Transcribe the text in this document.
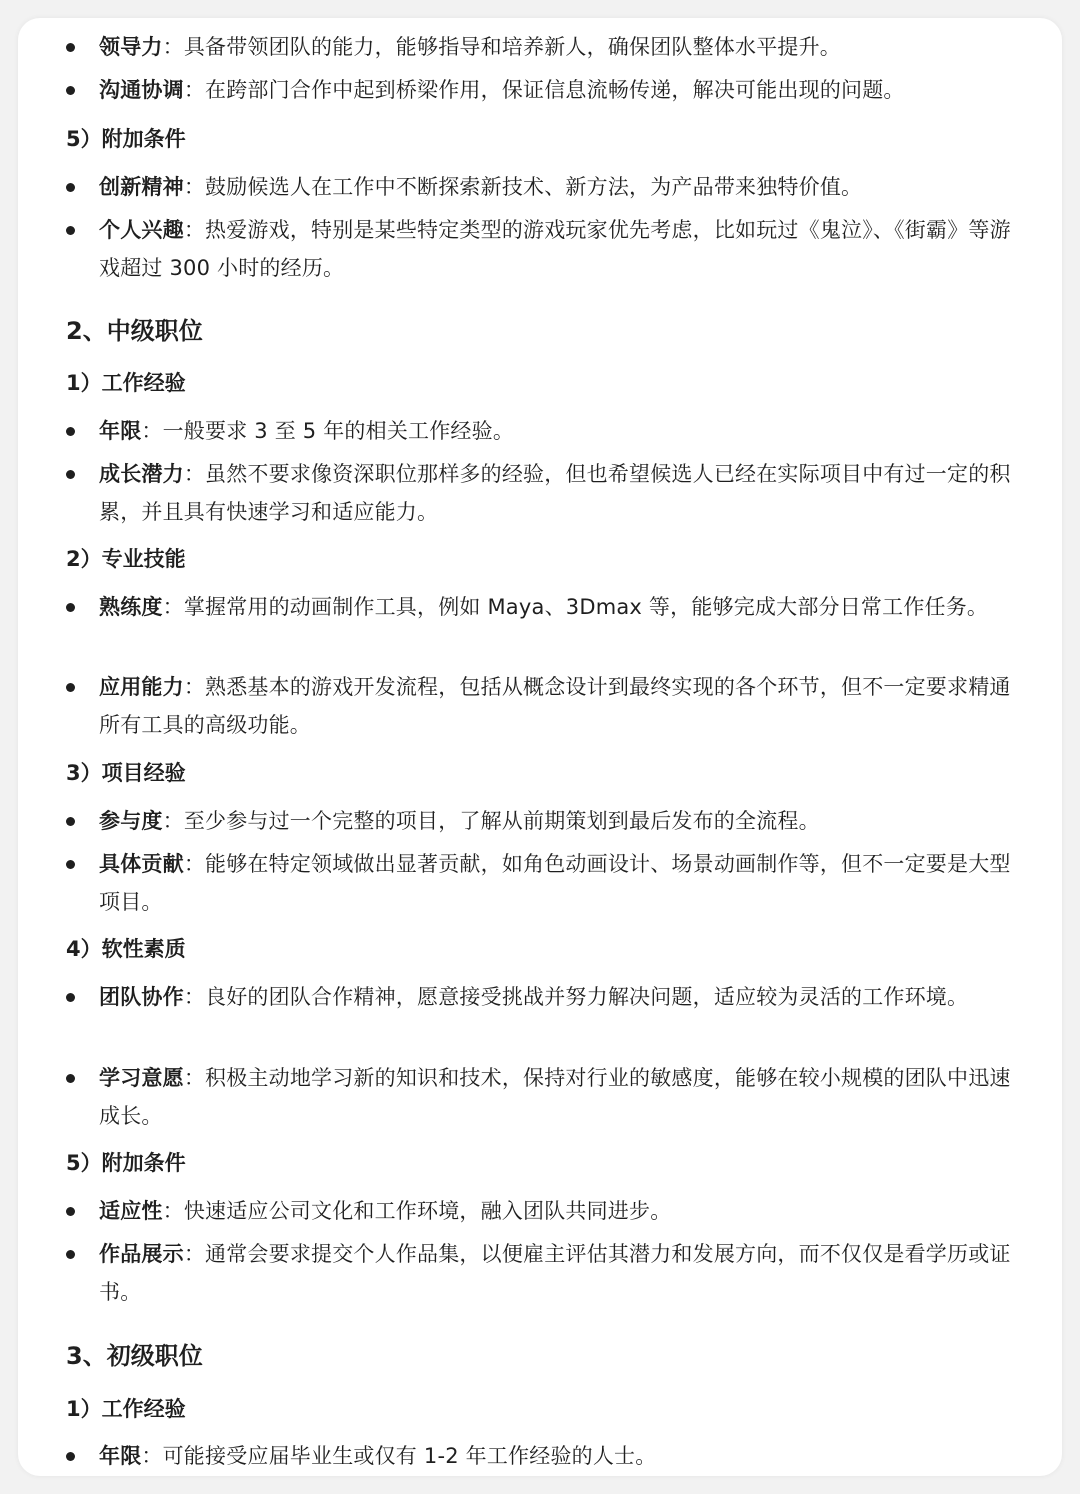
领导力：具备带领团队的能力，能够指导和培养新人，确保团队整体水平提升。
沟通协调：在跨部门合作中起到桥梁作用，保证信息流畅传递，解决可能出现的问题。
5）附加条件
创新精神：鼓励候选人在工作中不断探索新技术、新方法，为产品带来独特价值。
个人兴趣：热爱游戏，特别是某些特定类型的游戏玩家优先考虑，比如玩过《鬼泣》、《街霸》等游戏超过 300 小时的经历。
2、中级职位
1）工作经验
年限：一般要求 3 至 5 年的相关工作经验。
成长潜力：虽然不要求像资深职位那样多的经验，但也希望候选人已经在实际项目中有过一定的积累，并且具有快速学习和适应能力。
2）专业技能
熟练度：掌握常用的动画制作工具，例如 Maya、3Dmax 等，能够完成大部分日常工作任务。
应用能力：熟悉基本的游戏开发流程，包括从概念设计到最终实现的各个环节，但不一定要求精通所有工具的高级功能。
3）项目经验
参与度：至少参与过一个完整的项目，了解从前期策划到最后发布的全流程。
具体贡献：能够在特定领域做出显著贡献，如角色动画设计、场景动画制作等，但不一定要是大型项目。
4）软性素质
团队协作：良好的团队合作精神，愿意接受挑战并努力解决问题，适应较为灵活的工作环境。
学习意愿：积极主动地学习新的知识和技术，保持对行业的敏感度，能够在较小规模的团队中迅速成长。
5）附加条件
适应性：快速适应公司文化和工作环境，融入团队共同进步。
作品展示：通常会要求提交个人作品集，以便雇主评估其潜力和发展方向，而不仅仅是看学历或证书。
3、初级职位
1）工作经验
年限：可能接受应届毕业生或仅有 1-2 年工作经验的人士。
